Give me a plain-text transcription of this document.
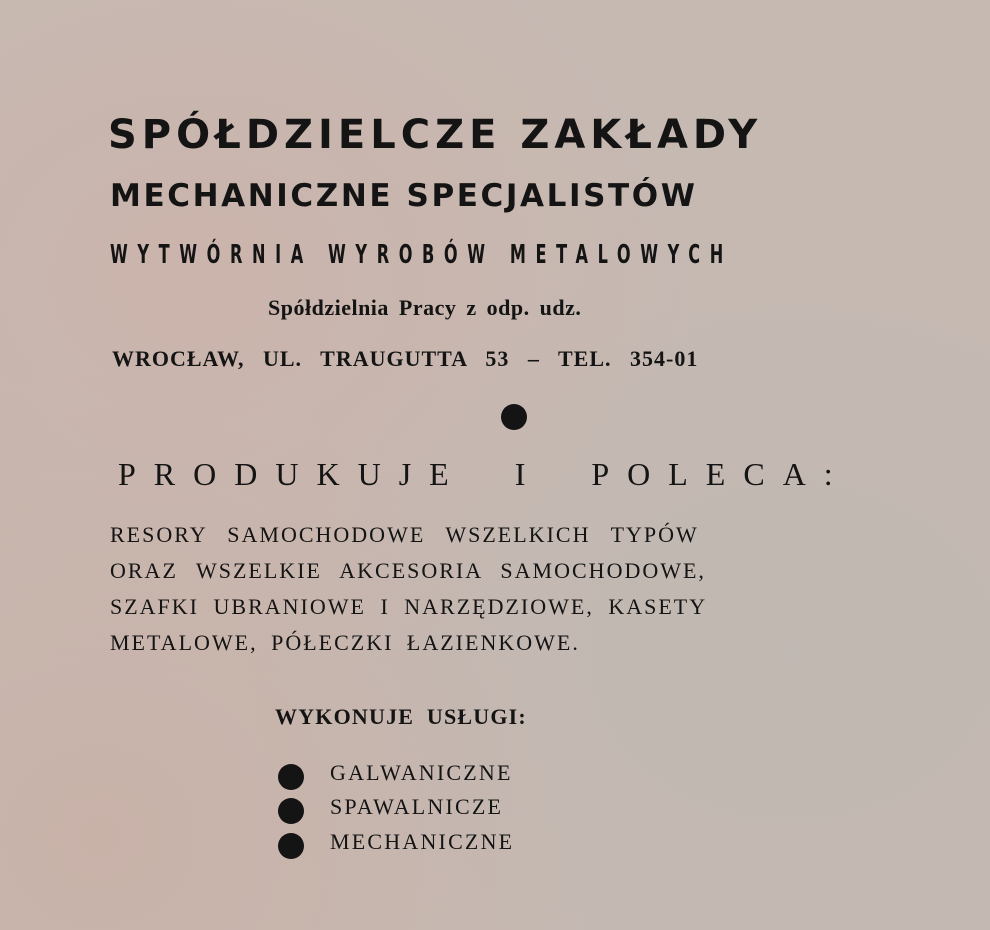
SPÓŁDZIELCZE ZAKŁADY
MECHANICZNE SPECJALISTÓW
WYTWÓRNIA WYROBÓW METALOWYCH
Spółdzielnia Pracy z odp. udz.
WROCŁAW, UL. TRAUGUTTA 53 – TEL. 354-01
PRODUKUJE I POLECA:
RESORY SAMOCHODOWE WSZELKICH TYPÓW
ORAZ WSZELKIE AKCESORIA SAMOCHODOWE,
SZAFKI UBRANIOWE I NARZĘDZIOWE, KASETY
METALOWE, PÓŁECZKI ŁAZIENKOWE.
WYKONUJE USŁUGI:
GALWANICZNE
SPAWALNICZE
MECHANICZNE
